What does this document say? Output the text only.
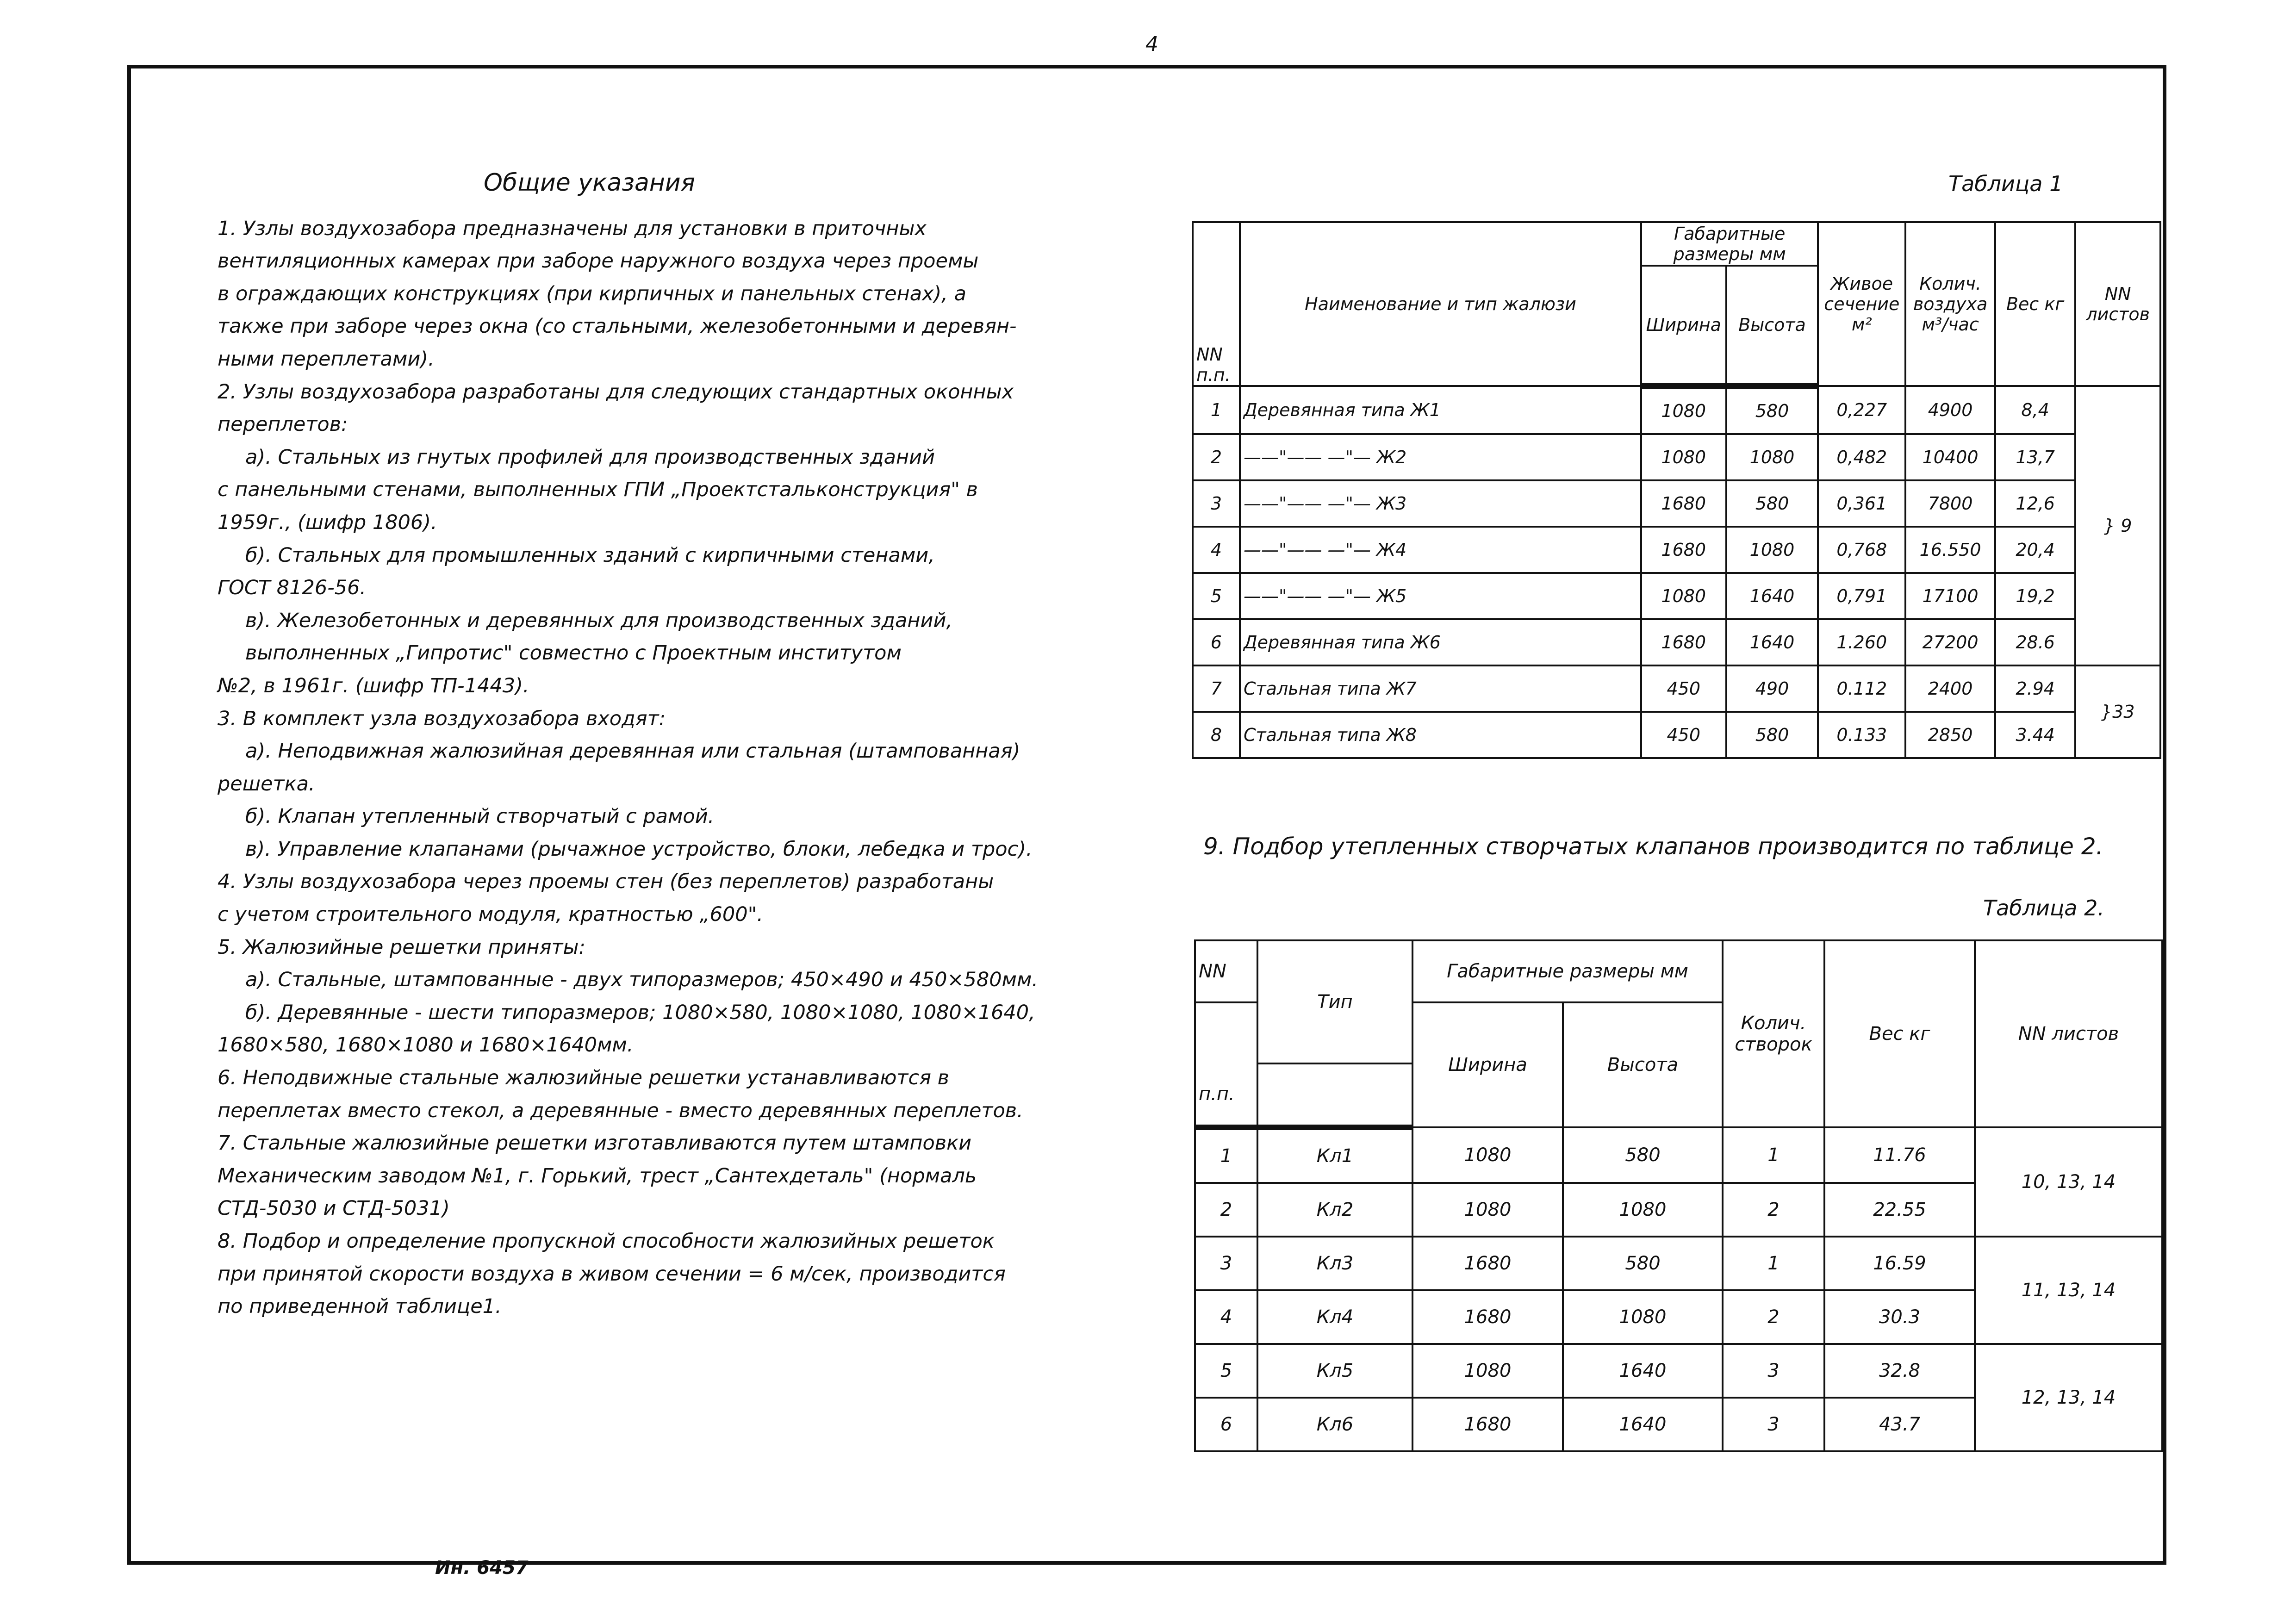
4
Ин. 6457
Общие указания

1. Узлы воздухозабора предназначены для установки в приточных

вентиляционных камерах при заборе наружного воздуха через проемы

в ограждающих конструкциях (при кирпичных и панельных стенах), а

также при заборе через окна (со стальными, железобетонными и деревян-

ными переплетами).

2. Узлы воздухозабора разработаны для следующих стандартных оконных

переплетов:

а). Стальных из гнутых профилей для производственных зданий

с панельными стенами, выполненных ГПИ „Проектстальконструкция" в

1959г., (шифр 1806).

б). Стальных для промышленных зданий с кирпичными стенами,

ГОСТ 8126-56.

в). Железобетонных и деревянных для производственных зданий,

выполненных „Гипротис" совместно с Проектным институтом

№2, в 1961г. (шифр ТП-1443).

3. В комплект узла воздухозабора входят:

а). Неподвижная жалюзийная деревянная или стальная (штампованная)

решетка.

б). Клапан утепленный створчатый с рамой.

в). Управление клапанами (рычажное устройство, блоки, лебедка и трос).

4. Узлы воздухозабора через проемы стен (без переплетов) разработаны

с учетом строительного модуля, кратностью „600".

5. Жалюзийные решетки приняты:

а). Стальные, штампованные - двух типоразмеров; 450×490 и 450×580мм.

б). Деревянные - шести типоразмеров; 1080×580, 1080×1080, 1080×1640,

1680×580, 1680×1080 и 1680×1640мм.

6. Неподвижные стальные жалюзийные решетки устанавливаются в

переплетах вместо стекол, а деревянные - вместо деревянных переплетов.

7. Стальные жалюзийные решетки изготавливаются путем штамповки

Механическим заводом №1, г. Горький, трест „Сантехдеталь" (нормаль

СТД-5030 и СТД-5031)

8. Подбор и определение пропускной способности жалюзийных решеток

при принятой скорости воздуха в живом сечении = 6 м/сек, производится

по приведенной таблице1.

Таблица 1
NN п.п.	Наименование и тип жалюзи	Габаритные размеры мм		Живое сечение м²	Колич. воздуха м³/час	Вес кг	NN листов
		Ширина	Высота				
1	Деревянная типа Ж1	1080	580	0,227	4900	8,4	} 9
2	——"—— —"— Ж2	1080	1080	0,482	10400	13,7	
3	——"—— —"— Ж3	1680	580	0,361	7800	12,6	
4	——"—— —"— Ж4	1680	1080	0,768	16.550	20,4	
5	——"—— —"— Ж5	1080	1640	0,791	17100	19,2	
6	Деревянная типа Ж6	1680	1640	1.260	27200	28.6	
7	Стальная типа Ж7	450	490	0.112	2400	2.94	}33
8	Стальная типа Ж8	450	580	0.133	2850	3.44	
9. Подбор утепленных створчатых клапанов производится по таблице 2.
Таблица 2.
NN	Тип	Габаритные размеры мм		Колич. створок	Вес кг	NN листов
		Ширина	Высота			
п.п.						
1	Кл1	1080	580	1	11.76	10, 13, 14
2	Кл2	1080	1080	2	22.55	
3	Кл3	1680	580	1	16.59	11, 13, 14
4	Кл4	1680	1080	2	30.3	
5	Кл5	1080	1640	3	32.8	12, 13, 14
6	Кл6	1680	1640	3	43.7	
